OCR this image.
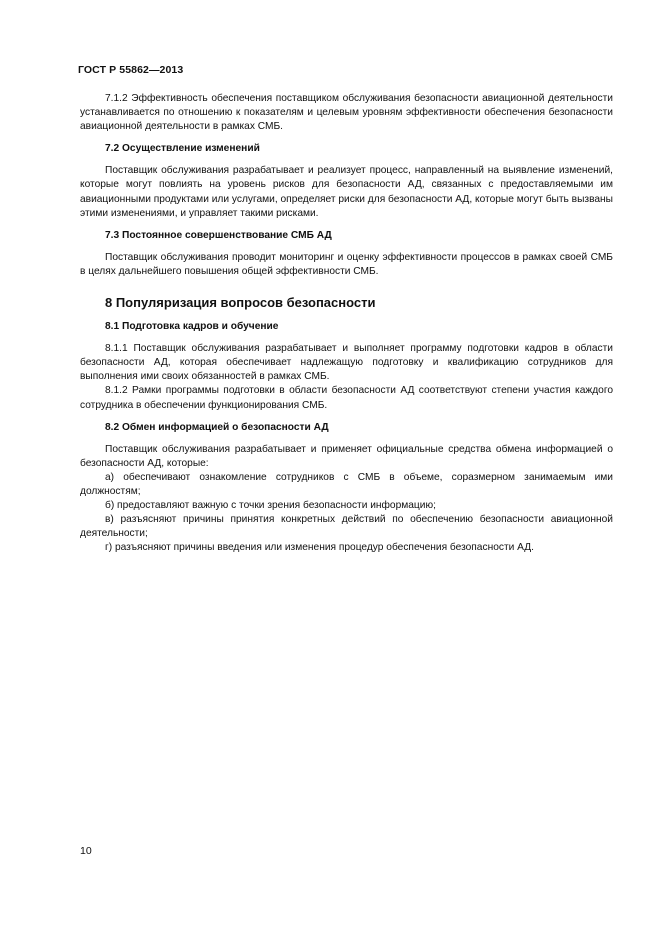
ГОСТ Р 55862—2013

7.1.2 Эффективность обеспечения поставщиком обслуживания безопасности авиационной деятельности устанавливается по отношению к показателям и целевым уровням эффективности обеспечения безопасности авиационной деятельности в рамках СМБ.

7.2 Осуществление изменений

Поставщик обслуживания разрабатывает и реализует процесс, направленный на выявление изменений, которые могут повлиять на уровень рисков для безопасности АД, связанных с предоставляемыми им авиационными продуктами или услугами, определяет риски для безопасности АД, которые могут быть вызваны этими изменениями, и управляет такими рисками.

7.3 Постоянное совершенствование СМБ АД

Поставщик обслуживания проводит мониторинг и оценку эффективности процессов в рамках своей СМБ в целях дальнейшего повышения общей эффективности СМБ.

8 Популяризация вопросов безопасности
8.1 Подготовка кадров и обучение

8.1.1 Поставщик обслуживания разрабатывает и выполняет программу подготовки кадров в области безопасности АД, которая обеспечивает надлежащую подготовку и квалификацию сотрудников для выполнения ими своих обязанностей в рамках СМБ.

8.1.2 Рамки программы подготовки в области безопасности АД соответствуют степени участия каждого сотрудника в обеспечении функционирования СМБ.

8.2 Обмен информацией о безопасности АД

Поставщик обслуживания разрабатывает и применяет официальные средства обмена информацией о безопасности АД, которые:

а) обеспечивают ознакомление сотрудников с СМБ в объеме, соразмерном занимаемым ими должностям;

б) предоставляют важную с точки зрения безопасности информацию;

в) разъясняют причины принятия конкретных действий по обеспечению безопасности авиационной деятельности;

г) разъясняют причины введения или изменения процедур обеспечения безопасности АД.

10
